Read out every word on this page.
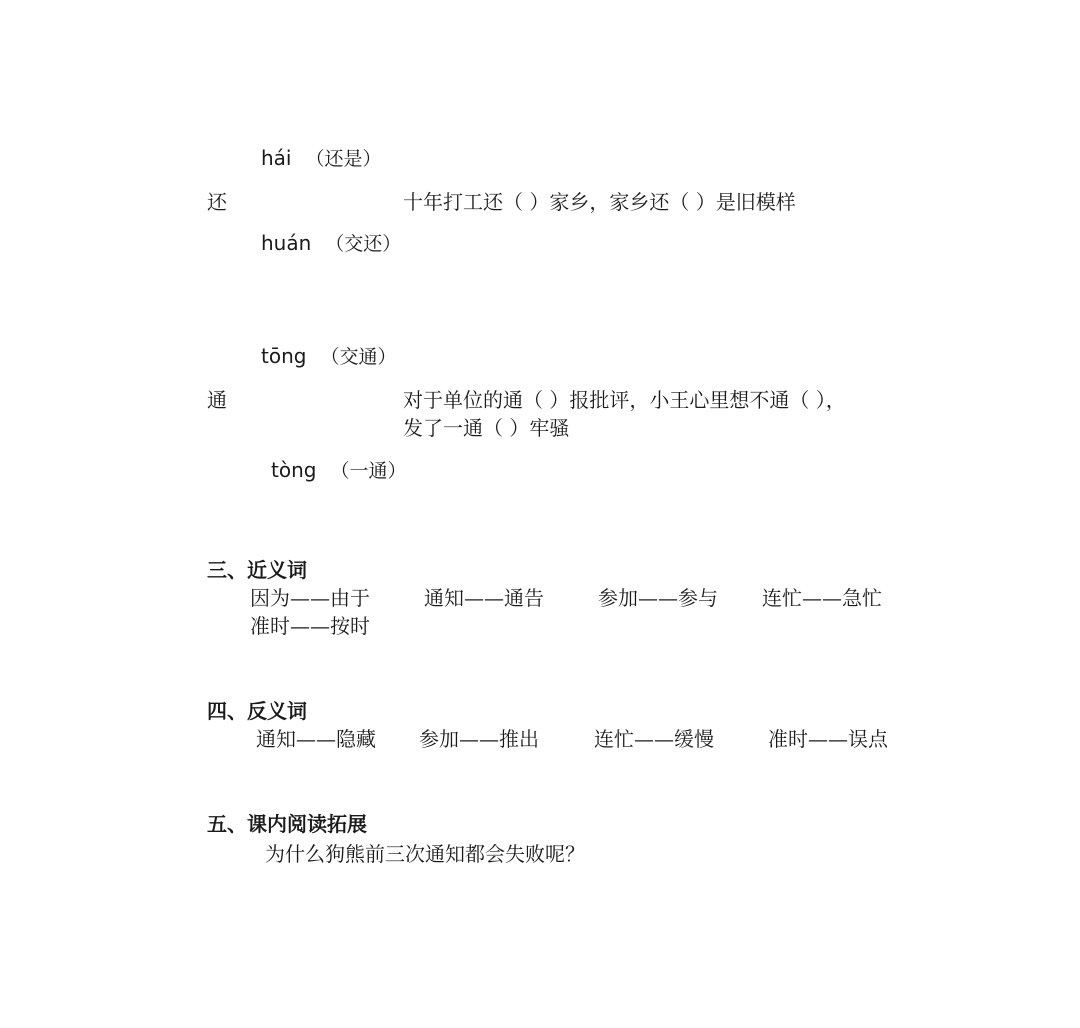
hái （还是）
还	十年打工还（ ）家乡，家乡还（ ）是旧模样
huán （交还）
tōng （交通）
通	对于单位的通（ ）报批评，小王心里想不通（ ），
发了一通（ ）牢骚
tòng （一通）
三、近义词
因为——由于	通知——通告	参加——参与 连忙——急忙
准时——按时
四、反义词
通知——隐藏 参加——推出	连忙——缓慢	准时——误点
五、课内阅读拓展
为什么狗熊前三次通知都会失败呢？
